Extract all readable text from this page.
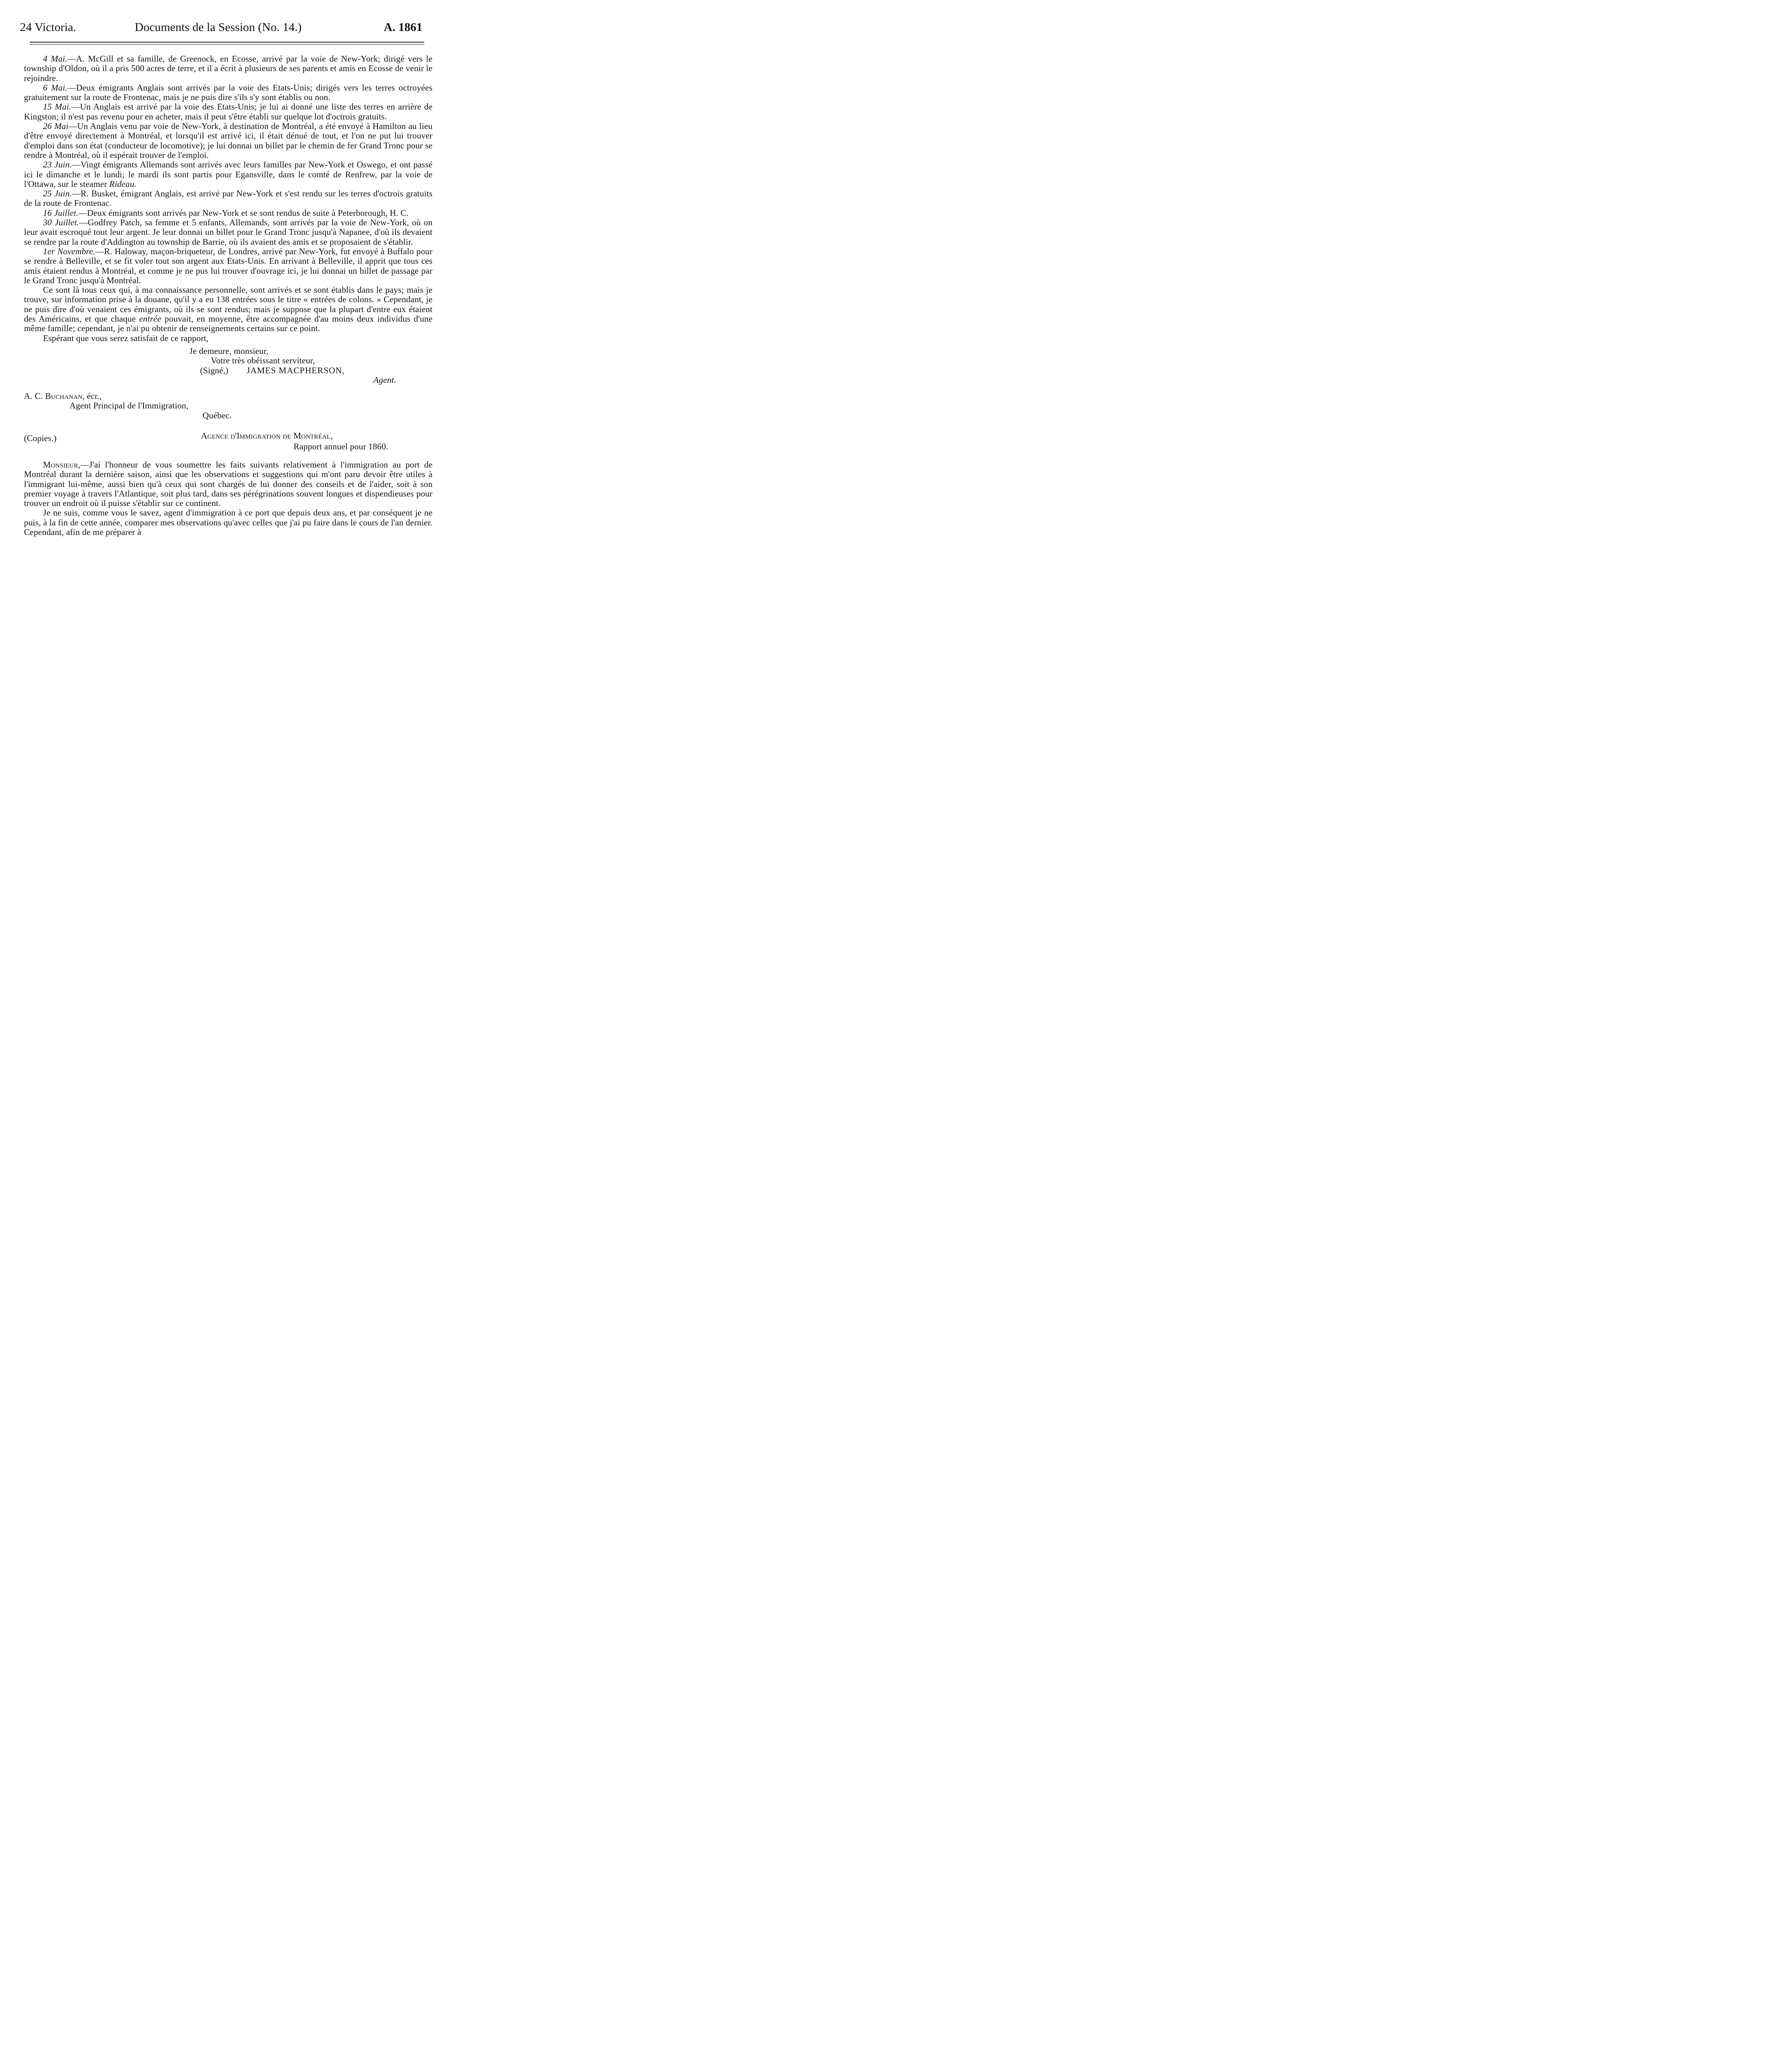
24 Victoria.	Documents de la Session (No. 14.)	A. 1861

4 Mai.—A. McGill et sa famille, de Greenock, en Ecosse, arrivé par la voie de New-York; dirigé vers le township d'Oldon, où il a pris 500 acres de terre, et il a écrit à plusieurs de ses parents et amis en Ecosse de venir le rejoindre.

6 Mai.—Deux émigrants Anglais sont arrivés par la voie des Etats-Unis; dirigés vers les terres octroyées gratuitement sur la route de Frontenac, mais je ne puis dire s'ils s'y sont établis ou non.

15 Mai.—Un Anglais est arrivé par la voie des Etats-Unis; je lui ai donné une liste des terres en arrière de Kingston; il n'est pas revenu pour en acheter, mais il peut s'être établi sur quelque lot d'octrois gratuits.

26 Mai—Un Anglais venu par voie de New-York, à destination de Montréal, a été envoyé à Hamilton au lieu d'être envoyé directement à Montréal, et lorsqu'il est arrivé ici, il était dénué de tout, et l'on ne put lui trouver d'emploi dans son état (conducteur de locomotive); je lui donnai un billet par le chemin de fer Grand Tronc pour se rendre à Montréal, où il espérait trouver de l'emploi.

23 Juin.—Vingt émigrants Allemands sont arrivés avec leurs familles par New-York et Oswego, et ont passé ici le dimanche et le lundi; le mardi ils sont partis pour Egansville, dans le comté de Renfrew, par la voie de l'Ottawa, sur le steamer Rideau.

25 Juin.—R. Busket, émigrant Anglais, est arrivé par New-York et s'est rendu sur les terres d'octrois gratuits de la route de Frontenac.

16 Juillet.—Deux émigrants sont arrivés par New-York et se sont rendus de suite à Peterborough, H. C.

30 Juillet.—Godfrey Patch, sa femme et 5 enfants, Allemands, sont arrivés par la voie de New-York, où on leur avait escroqué tout leur argent. Je leur donnai un billet pour le Grand Tronc jusqu'à Napanee, d'où ils devaient se rendre par la route d'Addington au township de Barrie, où ils avaient des amis et se proposaient de s'établir.

1er Novembre.—R. Haloway, maçon-briqueteur, de Londres, arrivé par New-York, fut envoyé à Buffalo pour se rendre à Belleville, et se fit voler tout son argent aux Etats-Unis. En arrivant à Belleville, il apprit que tous ces amis étaient rendus à Montréal, et comme je ne pus lui trouver d'ouvrage ici, je lui donnai un billet de passage par le Grand Tronc jusqu'à Montréal.

Ce sont là tous ceux qui, à ma connaissance personnelle, sont arrivés et se sont établis dans le pays; mais je trouve, sur information prise à la douane, qu'il y a eu 138 entrées sous le titre « entrées de colons. » Cependant, je ne puis dire d'où venaient ces émigrants, où ils se sont rendus; mais je suppose que la plupart d'entre eux étaient des Américains, et que chaque entrée pouvait, en moyenne, être accompagnée d'au moins deux individus d'une même famille; cependant, je n'ai pu obtenir de renseignements certains sur ce point.

Espérant que vous serez satisfait de ce rapport,

Je demeure, monsieur,

Votre très obéissant serviteur,

(Signé,) JAMES MACPHERSON,

Agent.

A. C. Buchanan, écr.,

Agent Principal de l'Immigration,

Québec.

(Copies.)	Agence d'Immigration de Montréal,
Rapport annuel pour 1860.

Monsieur,—J'ai l'honneur de vous soumettre les faits suivants relativement à l'immigration au port de Montréal durant la dernière saison, ainsi que les observations et suggestions qui m'ont paru devoir être utiles à l'immigrant lui-même, aussi bien qu'à ceux qui sont chargés de lui donner des conseils et de l'aider, soit à son premier voyage à travers l'Atlantique, soit plus tard, dans ses pérégrinations souvent longues et dispendieuses pour trouver un endroit où il puisse s'établir sur ce continent.

Je ne suis, comme vous le savez, agent d'immigration à ce port que depuis deux ans, et par conséquent je ne puis, à la fin de cette année, comparer mes observations qu'avec celles que j'ai pu faire dans le cours de l'an dernier. Cependant, afin de me préparer à
